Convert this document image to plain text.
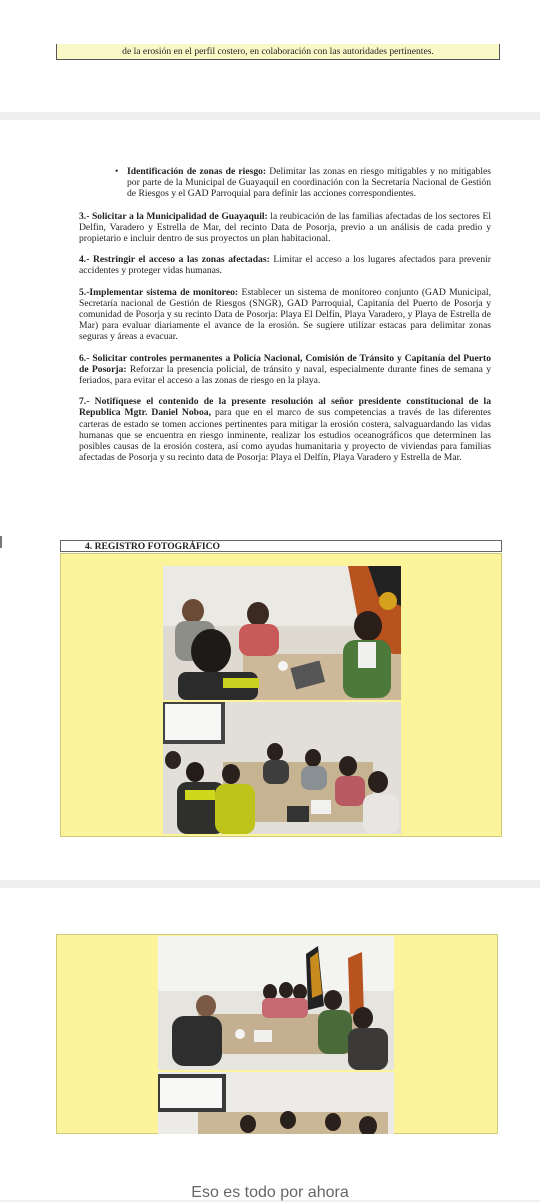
de la erosión en el perfil costero, en colaboración con las autoridades pertinentes.
• Identificación de zonas de riesgo: Delimitar las zonas en riesgo mitigables y no mitigables por parte de la Municipal de Guayaquil en coordinación con la Secretaría Nacional de Gestión de Riesgos y el GAD Parroquial para definir las acciones correspondientes.

3.- Solicitar a la Municipalidad de Guayaquil: la reubicación de las familias afectadas de los sectores El Delfin, Varadero y Estrella de Mar, del recinto Data de Posorja, previo a un análisis de cada predio y propietario e incluir dentro de sus proyectos un plan habitacional.

4.- Restringir el acceso a las zonas afectadas: Limitar el acceso a los lugares afectados para prevenir accidentes y proteger vidas humanas.

5.-Implementar sistema de monitoreo: Establecer un sistema de monitoreo conjunto (GAD Municipal, Secretaría nacional de Gestión de Riesgos (SNGR), GAD Parroquial, Capitanía del Puerto de Posorja y comunidad de Posorja y su recinto Data de Posorja: Playa El Delfín, Playa Varadero, y Playa de Estrella de Mar) para evaluar diariamente el avance de la erosión. Se sugiere utilizar estacas para delimitar zonas seguras y áreas a evacuar.

6.- Solicitar controles permanentes a Policía Nacional, Comisión de Tránsito y Capitanía del Puerto de Posorja: Reforzar la presencia policial, de tránsito y naval, especialmente durante fines de semana y feriados, para evitar el acceso a las zonas de riesgo en la playa.

7.- Notifíquese el contenido de la presente resolución al señor presidente constitucional de la Republica Mgtr. Daniel Noboa, para que en el marco de sus competencias a través de las diferentes carteras de estado se tomen acciones pertinentes para mitigar la erosión costera, salvaguardando las vidas humanas que se encuentra en riesgo inminente, realizar los estudios oceanográficos que determinen las posibles causas de la erosión costera, así como ayudas humanitaria y proyecto de viviendas para familias afectadas de Posorja y su recinto data de Posorja: Playa el Delfín, Playa Varadero y Estrella de Mar.

4. REGISTRO FOTOGRÁFICO
Eso es todo por ahora
